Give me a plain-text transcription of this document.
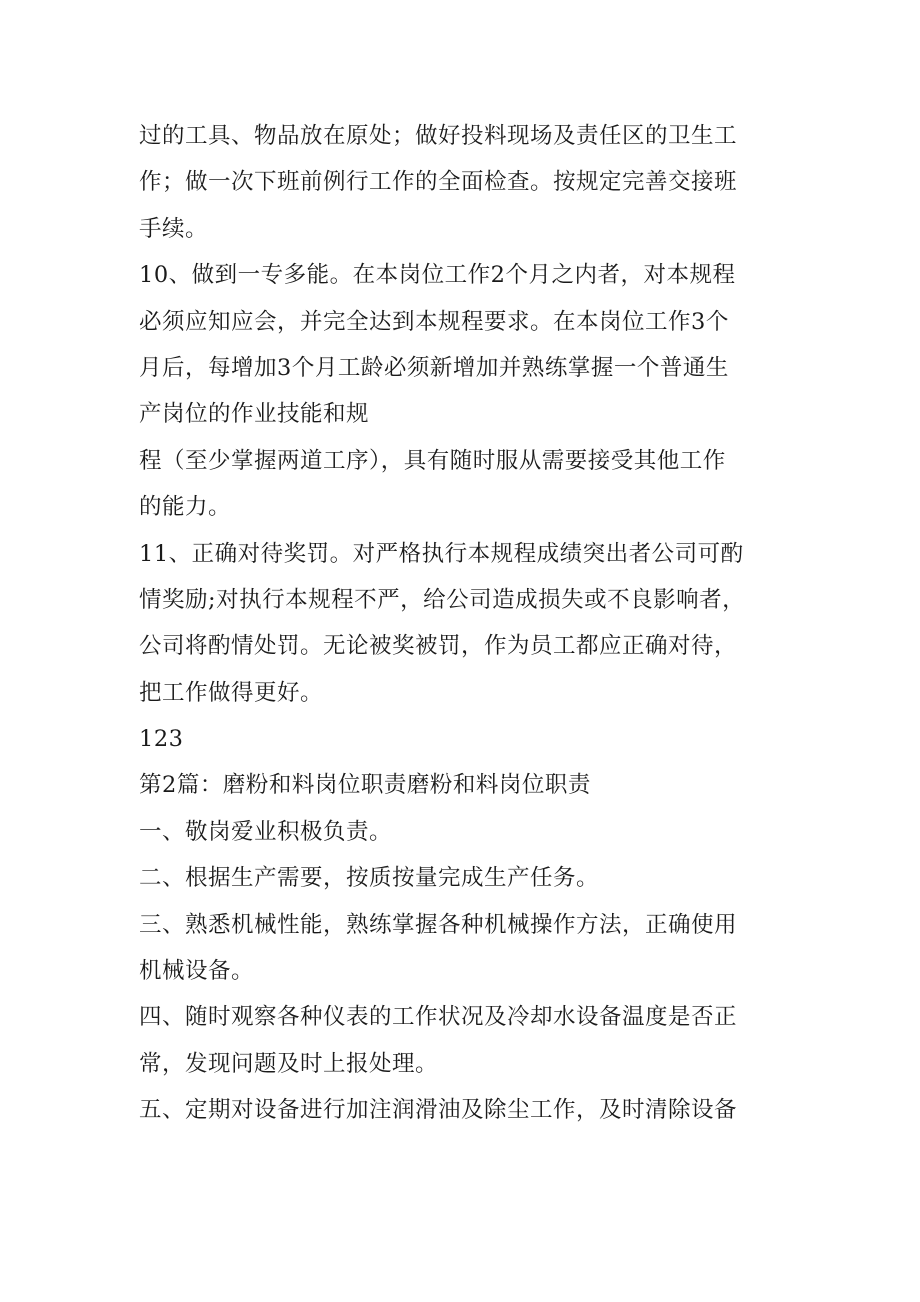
过的工具、物品放在原处；做好投料现场及责任区的卫生工
作；做一次下班前例行工作的全面检查。按规定完善交接班
手续。
10、做到一专多能。在本岗位工作2个月之内者，对本规程
必须应知应会，并完全达到本规程要求。在本岗位工作3个
月后，每增加3个月工龄必须新增加并熟练掌握一个普通生
产岗位的作业技能和规
程（至少掌握两道工序），具有随时服从需要接受其他工作
的能力。
11、正确对待奖罚。对严格执行本规程成绩突出者公司可酌
情奖励;对执行本规程不严，给公司造成损失或不良影响者，
公司将酌情处罚。无论被奖被罚，作为员工都应正确对待，
把工作做得更好。
123
第2篇：磨粉和料岗位职责磨粉和料岗位职责
一、敬岗爱业积极负责。
二、根据生产需要，按质按量完成生产任务。
三、熟悉机械性能，熟练掌握各种机械操作方法，正确使用
机械设备。
四、随时观察各种仪表的工作状况及冷却水设备温度是否正
常，发现问题及时上报处理。
五、定期对设备进行加注润滑油及除尘工作，及时清除设备
